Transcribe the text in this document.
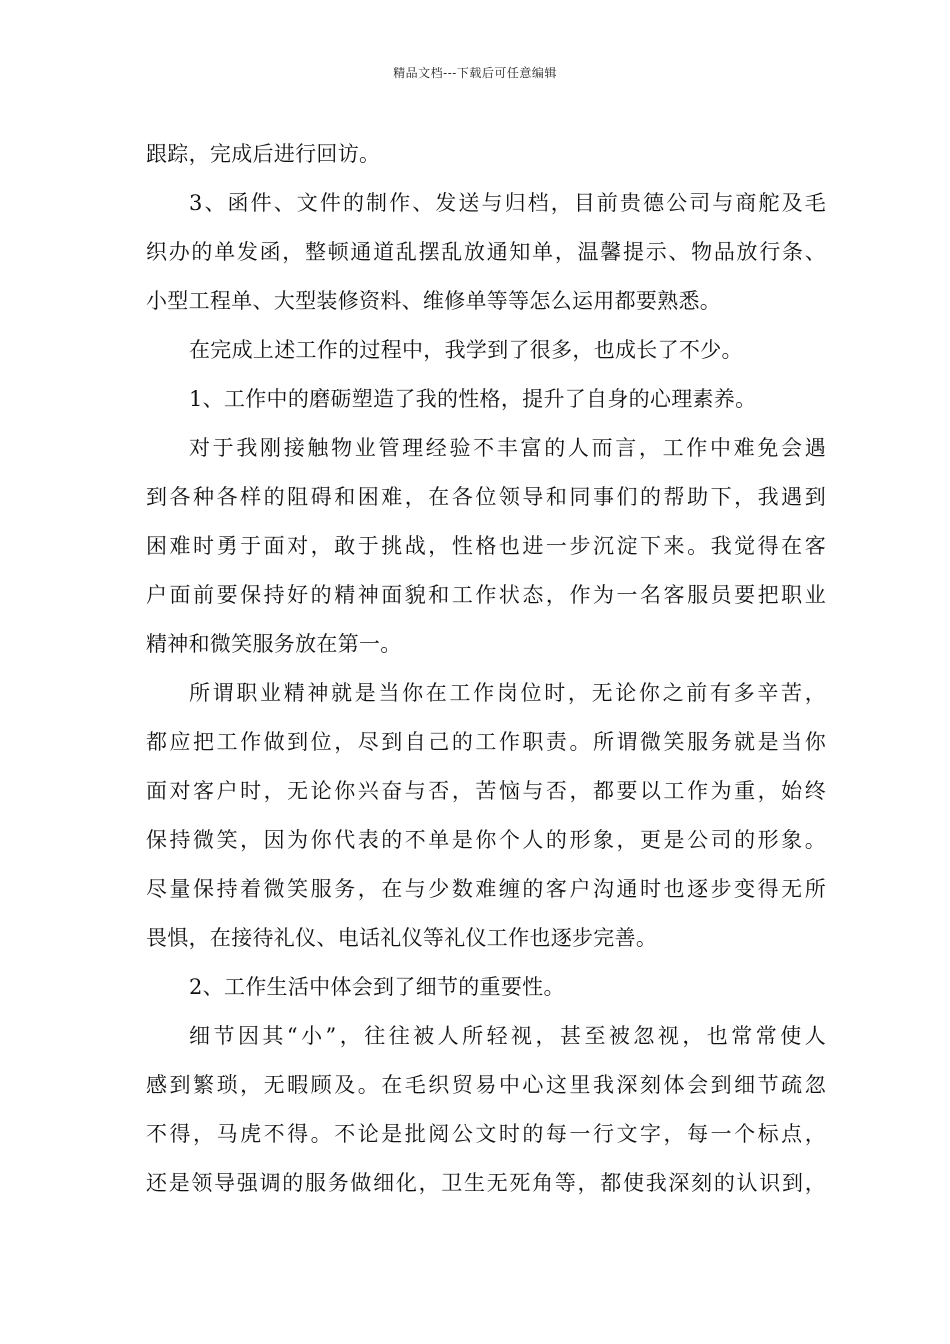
精品文档---下载后可任意编辑
跟踪，完成后进行回访。
3、函件、文件的制作、发送与归档，目前贵德公司与商舵及毛
织办的单发函，整顿通道乱摆乱放通知单，温馨提示、物品放行条、
小型工程单、大型装修资料、维修单等等怎么运用都要熟悉。
在完成上述工作的过程中，我学到了很多，也成长了不少。
1、工作中的磨砺塑造了我的性格，提升了自身的心理素养。
对于我刚接触物业管理经验不丰富的人而言，工作中难免会遇
到各种各样的阻碍和困难，在各位领导和同事们的帮助下，我遇到
困难时勇于面对，敢于挑战，性格也进一步沉淀下来。我觉得在客
户面前要保持好的精神面貌和工作状态，作为一名客服员要把职业
精神和微笑服务放在第一。
所谓职业精神就是当你在工作岗位时，无论你之前有多辛苦，
都应把工作做到位，尽到自己的工作职责。所谓微笑服务就是当你
面对客户时，无论你兴奋与否，苦恼与否，都要以工作为重，始终
保持微笑，因为你代表的不单是你个人的形象，更是公司的形象。
尽量保持着微笑服务，在与少数难缠的客户沟通时也逐步变得无所
畏惧，在接待礼仪、电话礼仪等礼仪工作也逐步完善。
2、工作生活中体会到了细节的重要性。
细节因其“小”，往往被人所轻视，甚至被忽视，也常常使人
感到繁琐，无暇顾及。在毛织贸易中心这里我深刻体会到细节疏忽
不得，马虎不得。不论是批阅公文时的每一行文字，每一个标点，
还是领导强调的服务做细化，卫生无死角等，都使我深刻的认识到，
